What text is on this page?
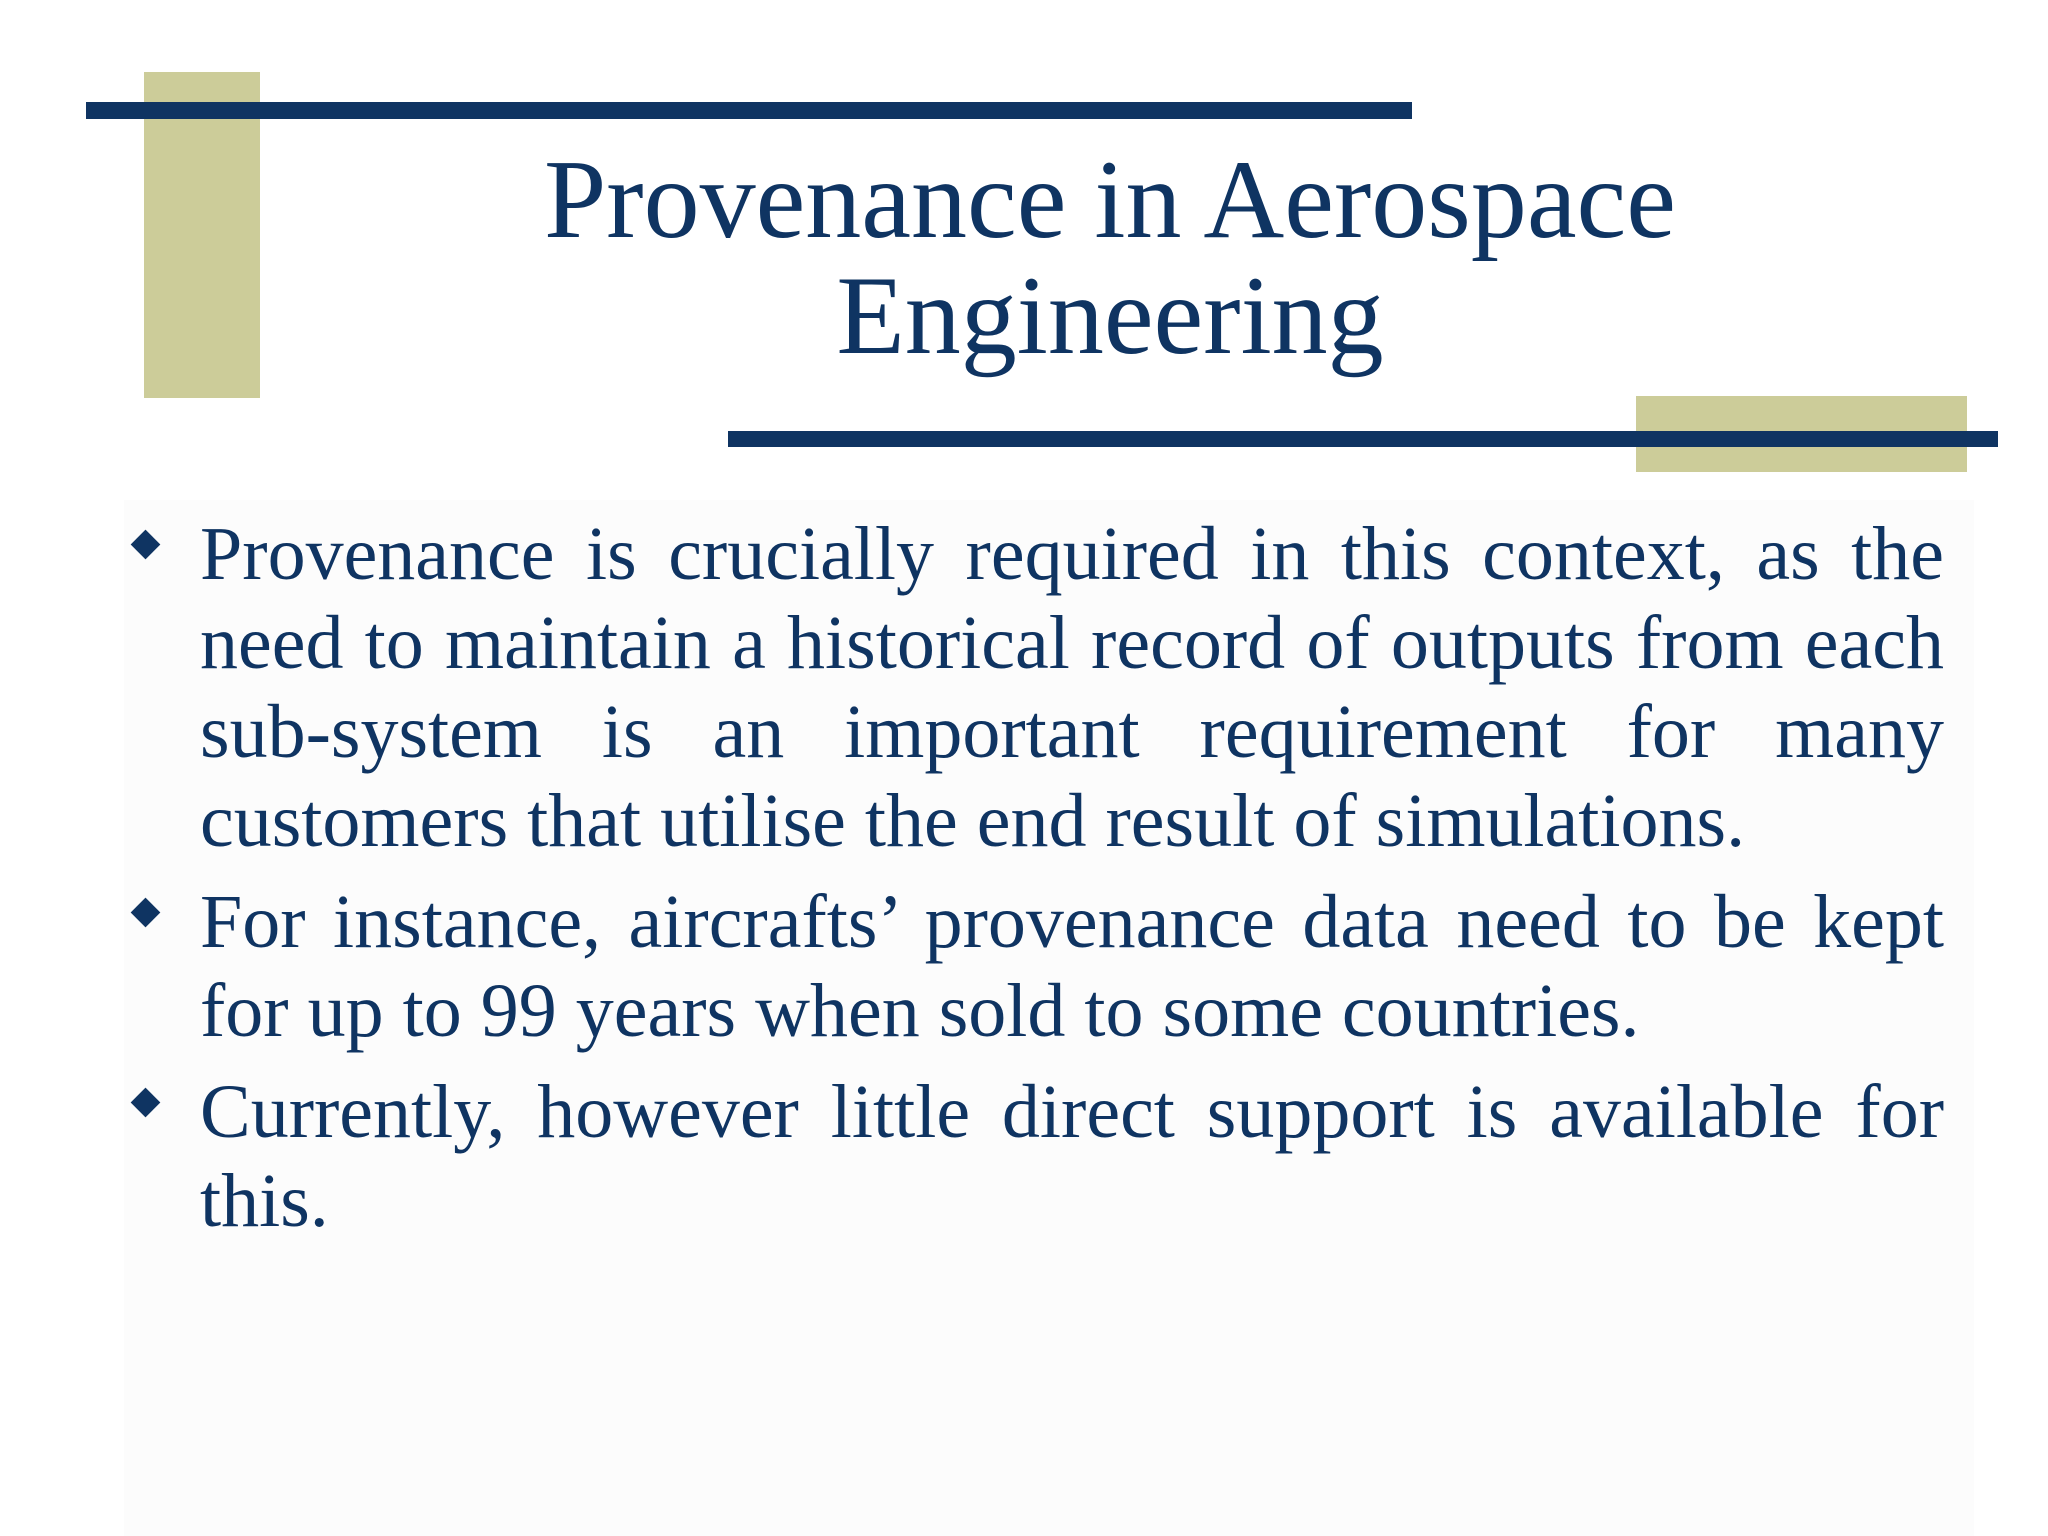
Provenance in Aerospace
Engineering
Provenance is crucially required in this context, as the need to maintain a historical record of outputs from each sub-system is an important requirement for many customers that utilise the end result of simulations.
For instance, aircrafts’ provenance data need to be kept for up to 99 years when sold to some countries.
Currently, however little direct support is available for this.
